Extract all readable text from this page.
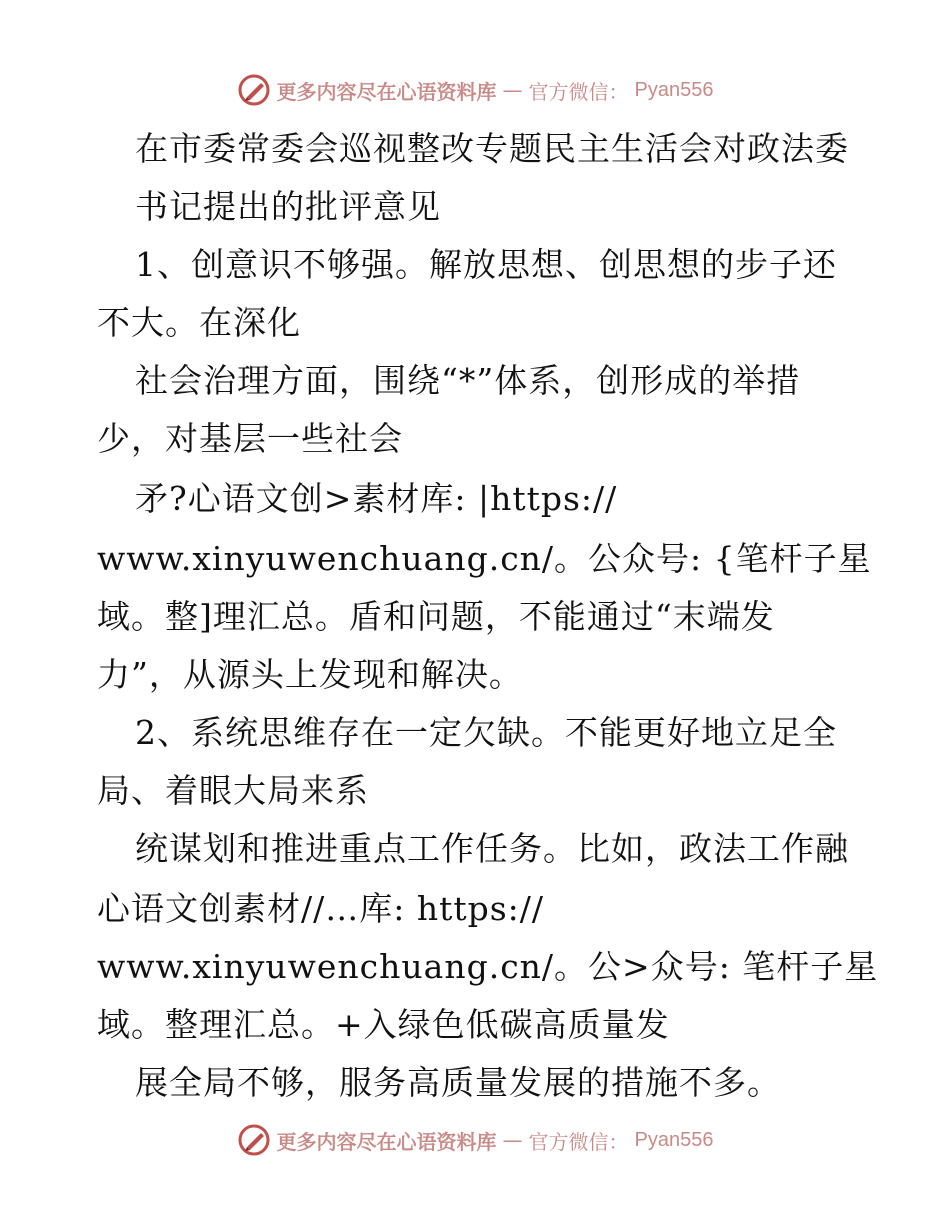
更多内容尽在心语资料库 — 官方微信： Pyan556
在市委常委会巡视整改专题民主生活会对政法委
书记提出的批评意见
1、创意识不够强。解放思想、创思想的步子还
不大。在深化
社会治理方面，围绕“*”体系，创形成的举措
少，对基层一些社会
矛?心语文创>素材库: |https://
www.xinyuwenchuang.cn/。公众号: {笔杆子星
域。整]理汇总。盾和问题，不能通过“末端发
力”，从源头上发现和解决。
2、系统思维存在一定欠缺。不能更好地立足全
局、着眼大局来系
统谋划和推进重点工作任务。比如，政法工作融
心语文创素材//…库: https://
www.xinyuwenchuang.cn/。公>众号: 笔杆子星
域。整理汇总。+入绿色低碳高质量发
展全局不够，服务高质量发展的措施不多。
更多内容尽在心语资料库 — 官方微信： Pyan556
